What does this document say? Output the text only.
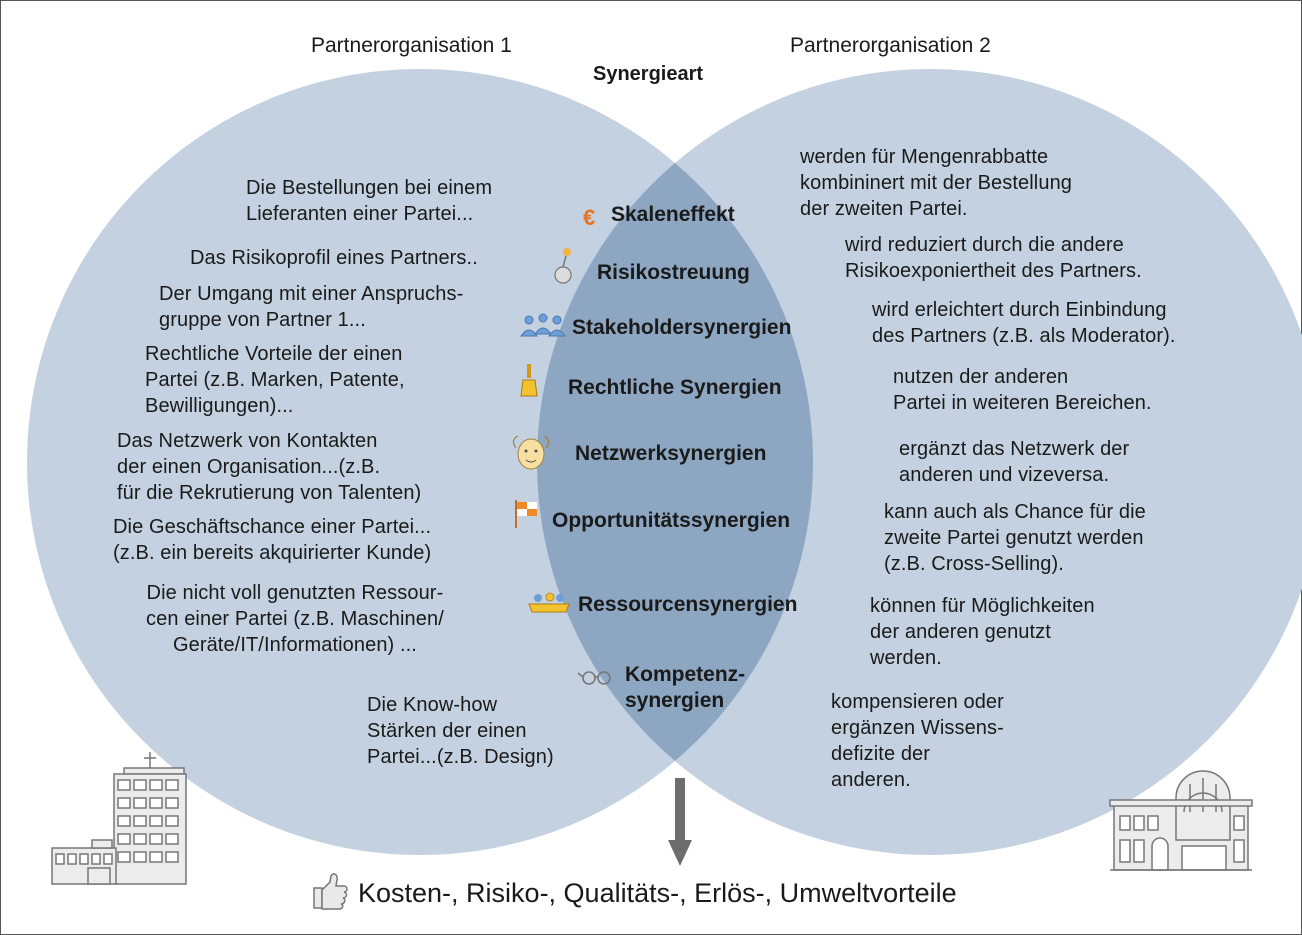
€
Partnerorganisation 1	Partnerorganisation 2
Synergieart

Die Bestellungen bei einem
Lieferanten einer Partei...

Das Risikoprofil eines Partners..

Der Umgang mit einer Anspruchs-
gruppe von Partner 1...

Rechtliche Vorteile der einen
Partei (z.B. Marken, Patente,
Bewilligungen)...

Das Netzwerk von Kontakten
der einen Organisation...(z.B.
für die Rekrutierung von Talenten)

Die Geschäftschance einer Partei...
(z.B. ein bereits akquirierter Kunde)

Die nicht voll genutzten Ressour-
cen einer Partei (z.B. Maschinen/
Geräte/IT/Informationen) ...

Die Know-how
Stärken der einen
Partei...(z.B. Design)

Skaleneffekt
Risikostreuung
Stakeholdersynergien
Rechtliche Synergien
Netzwerksynergien
Opportunitätssynergien
Ressourcensynergien
Kompetenz-
synergien

werden für Mengenrabbatte
kombininert mit der Bestellung
der zweiten Partei.

wird reduziert durch die andere
Risikoexponiertheit des Partners.

wird erleichtert durch Einbindung
des Partners (z.B. als Moderator).

nutzen der anderen
Partei in weiteren Bereichen.

ergänzt das Netzwerk der
anderen und vizeversa.

kann auch als Chance für die
zweite Partei genutzt werden
(z.B. Cross-Selling).

können für Möglichkeiten
der anderen genutzt
werden.

kompensieren oder
ergänzen Wissens-
defizite der
anderen.

Kosten-, Risiko-, Qualitäts-, Erlös-, Umweltvorteile
